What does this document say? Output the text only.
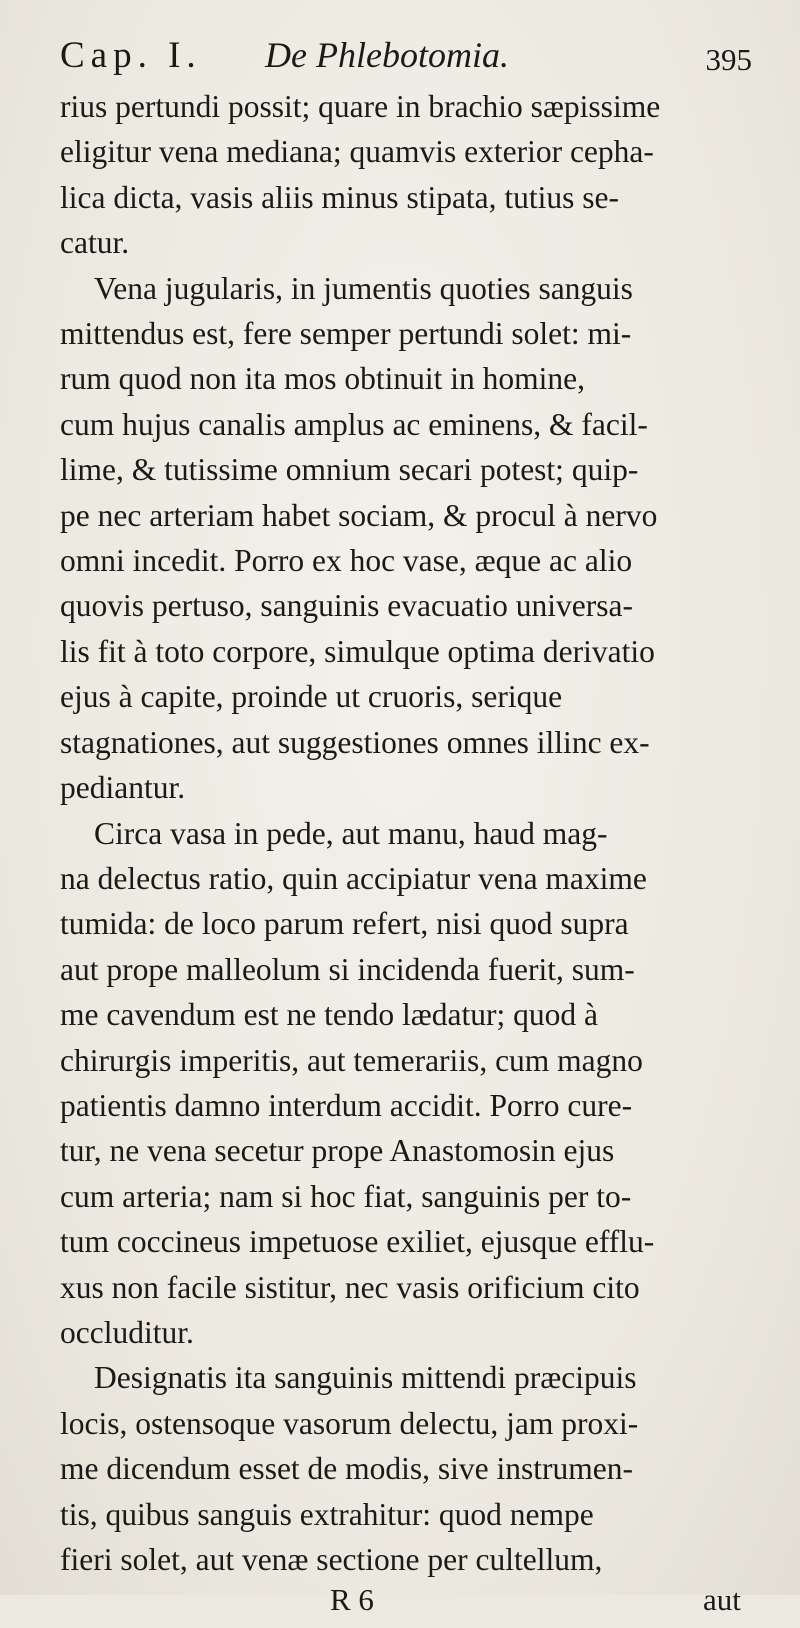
Cap. I. De Phlebotomia.	395
rius pertundi possit; quare in brachio sæpissime
eligitur vena mediana; quamvis exterior cepha-
lica dicta, vasis aliis minus stipata, tutius se-
catur.
Vena jugularis, in jumentis quoties sanguis
mittendus est, fere semper pertundi solet: mi-
rum quod non ita mos obtinuit in homine,
cum hujus canalis amplus ac eminens, & facil-
lime, & tutissime omnium secari potest; quip-
pe nec arteriam habet sociam, & procul à nervo
omni incedit. Porro ex hoc vase, æque ac alio
quovis pertuso, sanguinis evacuatio universa-
lis fit à toto corpore, simulque optima derivatio
ejus à capite, proinde ut cruoris, serique
stagnationes, aut suggestiones omnes illinc ex-
pediantur.
Circa vasa in pede, aut manu, haud mag-
na delectus ratio, quin accipiatur vena maxime
tumida: de loco parum refert, nisi quod supra
aut prope malleolum si incidenda fuerit, sum-
me cavendum est ne tendo lædatur; quod à
chirurgis imperitis, aut temerariis, cum magno
patientis damno interdum accidit. Porro cure-
tur, ne vena secetur prope Anastomosin ejus
cum arteria; nam si hoc fiat, sanguinis per to-
tum coccineus impetuose exiliet, ejusque efflu-
xus non facile sistitur, nec vasis orificium cito
occluditur.
Designatis ita sanguinis mittendi præcipuis
locis, ostensoque vasorum delectu, jam proxi-
me dicendum esset de modis, sive instrumen-
tis, quibus sanguis extrahitur: quod nempe
fieri solet, aut venæ sectione per cultellum,
R 6	aut
